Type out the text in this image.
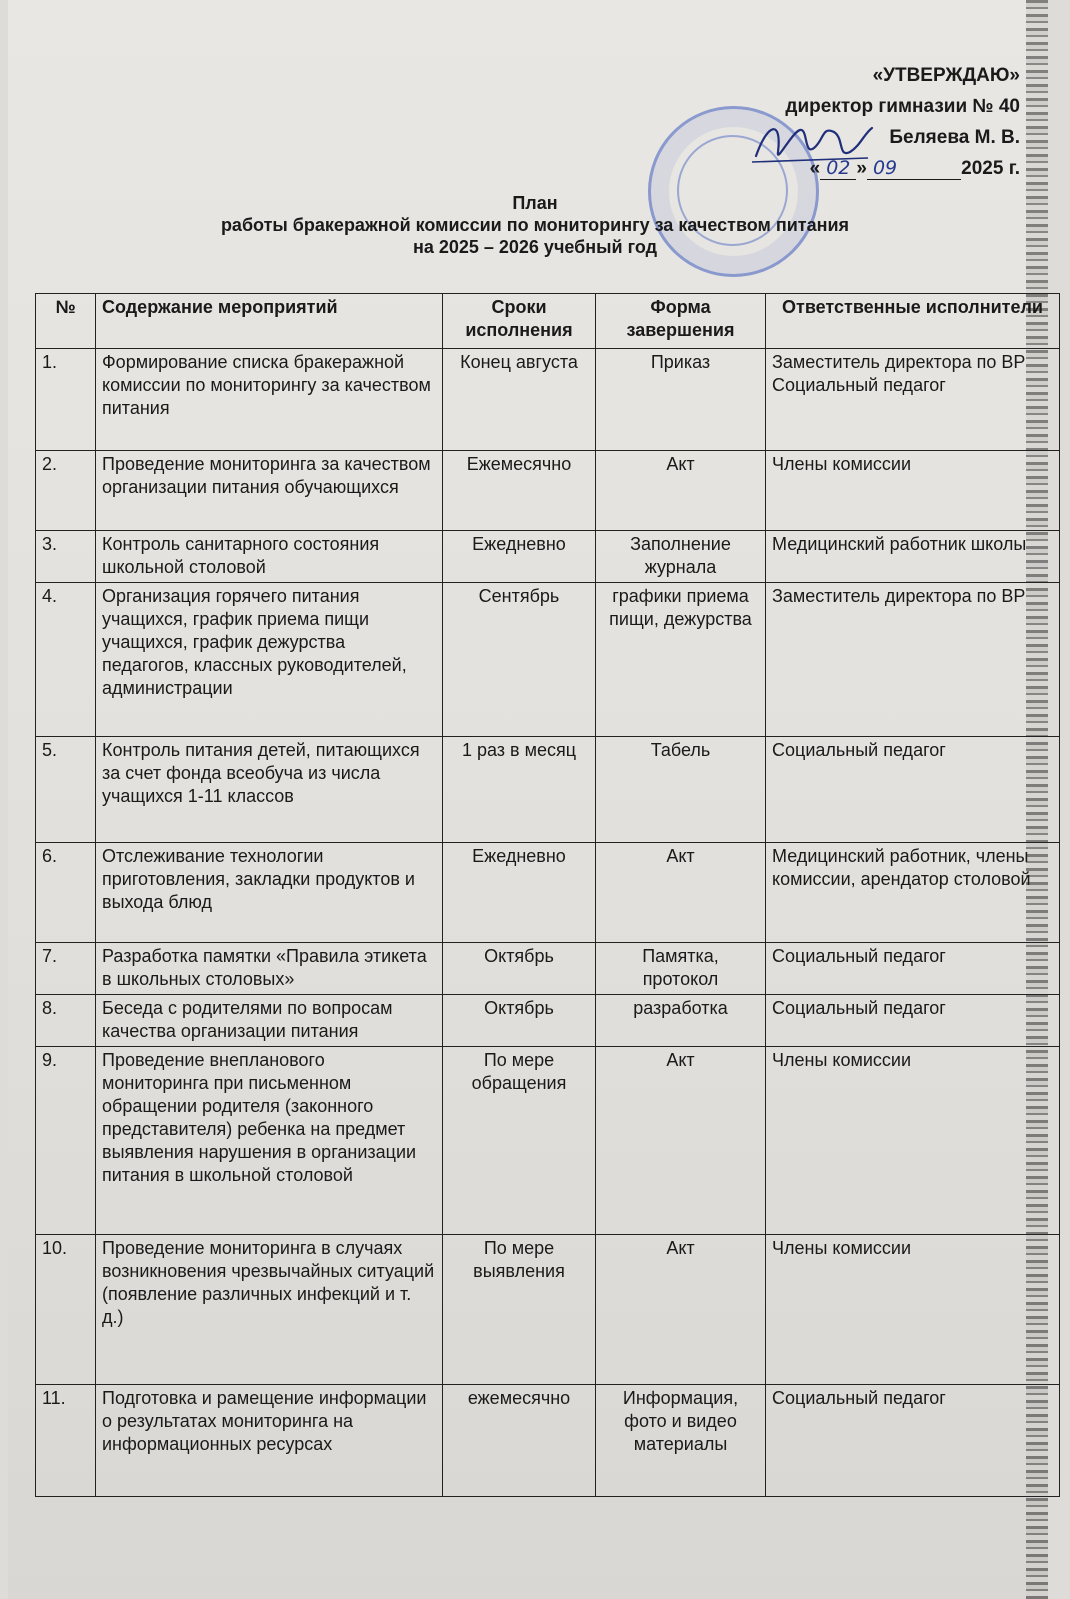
«УТВЕРЖДАЮ»
директор гимназии № 40
Беляева М. В.
« 02 » 09	2025 г.
План
работы бракеражной комиссии по мониторингу за качеством питания
на 2025 – 2026 учебный год
№	Содержание мероприятий	Сроки исполнения	Форма завершения	Ответственные исполнители
1.	Формирование списка бракеражной комиссии по мониторингу за качеством питания	Конец августа	Приказ	Заместитель директора по ВР
Социальный педагог
2.	Проведение мониторинга за качеством организации питания обучающихся	Ежемесячно	Акт	Члены комиссии
3.	Контроль санитарного состояния школьной столовой	Ежедневно	Заполнение журнала	Медицинский работник школы
4.	Организация горячего питания учащихся, график приема пищи учащихся, график дежурства педагогов, классных руководителей, администрации	Сентябрь	графики приема пищи, дежурства	Заместитель директора по ВР
5.	Контроль питания детей, питающихся за счет фонда всеобуча из числа учащихся 1-11 классов	1 раз в месяц	Табель	Социальный педагог
6.	Отслеживание технологии приготовления, закладки продуктов и выхода блюд	Ежедневно	Акт	Медицинский работник, члены комиссии, арендатор столовой
7.	Разработка памятки «Правила этикета в школьных столовых»	Октябрь	Памятка, протокол	Социальный педагог
8.	Беседа с родителями по вопросам качества организации питания	Октябрь	разработка	Социальный педагог
9.	Проведение внепланового мониторинга при письменном обращении родителя (законного представителя) ребенка на предмет выявления нарушения в организации питания в школьной столовой	По мере обращения	Акт	Члены комиссии
10.	Проведение мониторинга в случаях возникновения чрезвычайных ситуаций (появление различных инфекций и т. д.)	По мере выявления	Акт	Члены комиссии
11.	Подготовка и рамещение информации о результатах мониторинга на информационных ресурсах	ежемесячно	Информация, фото и видео материалы	Социальный педагог
